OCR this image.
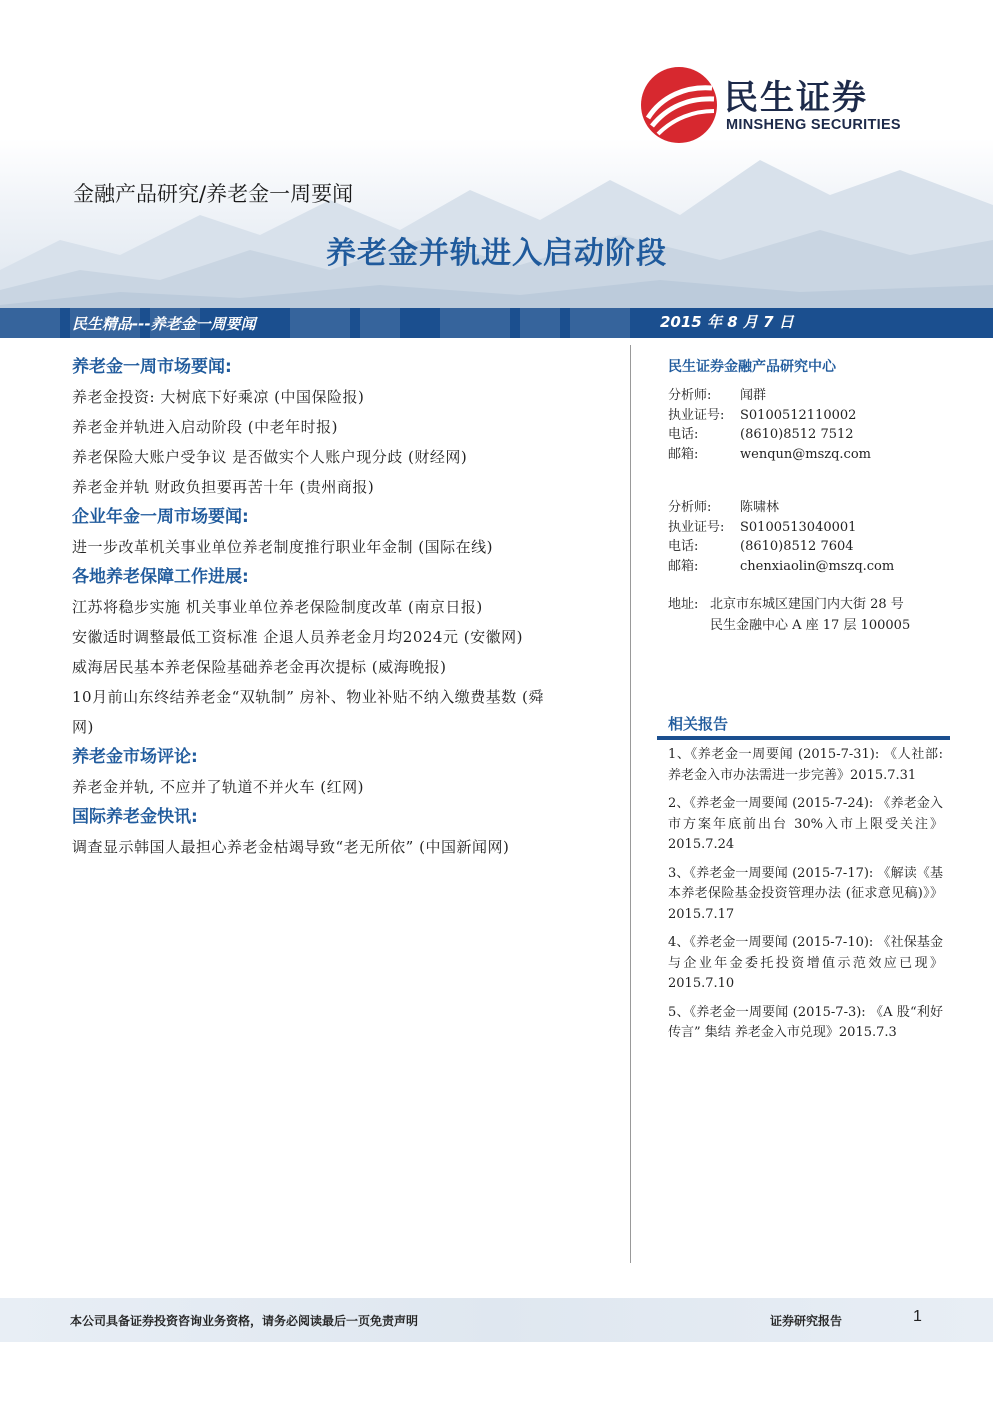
民生证券
MINSHENG SECURITIES
金融产品研究/养老金一周要闻
养老金并轨进入启动阶段
民生精品---养老金一周要闻	2015 年 8 月 7 日
养老金一周市场要闻:
养老金投资: 大树底下好乘凉 (中国保险报)
养老金并轨进入启动阶段 (中老年时报)
养老保险大账户受争议 是否做实个人账户现分歧 (财经网)
养老金并轨 财政负担要再苦十年 (贵州商报)
企业年金一周市场要闻:
进一步改革机关事业单位养老制度推行职业年金制 (国际在线)
各地养老保障工作进展:
江苏将稳步实施 机关事业单位养老保险制度改革 (南京日报)
安徽适时调整最低工资标准 企退人员养老金月均2024元 (安徽网)
威海居民基本养老保险基础养老金再次提标 (威海晚报)
10月前山东终结养老金“双轨制” 房补、物业补贴不纳入缴费基数 (舜
网)
养老金市场评论:
养老金并轨, 不应并了轨道不并火车 (红网)
国际养老金快讯:
调查显示韩国人最担心养老金枯竭导致“老无所依” (中国新闻网)
民生证券金融产品研究中心
分析师: 闻群
执业证号: S0100512110002
电话:	(8610)8512 7512
邮箱:	wenqun@mszq.com
分析师: 陈啸林
执业证号: S0100513040001
电话:	(8610)8512 7604
邮箱:	chenxiaolin@mszq.com
地址: 北京市东城区建国门内大街 28 号
民生金融中心 A 座 17 层 100005
相关报告
1、《养老金一周要闻 (2015-7-31): 《人社部: 养老金入市办法需进一步完善》2015.7.31
2、《养老金一周要闻 (2015-7-24): 《养老金入市方案年底前出台 30%入市上限受关注》2015.7.24
3、《养老金一周要闻 (2015-7-17): 《解读《基本养老保险基金投资管理办法 (征求意见稿)》》2015.7.17
4、《养老金一周要闻 (2015-7-10): 《社保基金与企业年金委托投资增值示范效应已现》2015.7.10
5、《养老金一周要闻 (2015-7-3): 《A 股“利好传言” 集结 养老金入市兑现》2015.7.3
本公司具备证券投资咨询业务资格，请务必阅读最后一页免责声明	证券研究报告	1
